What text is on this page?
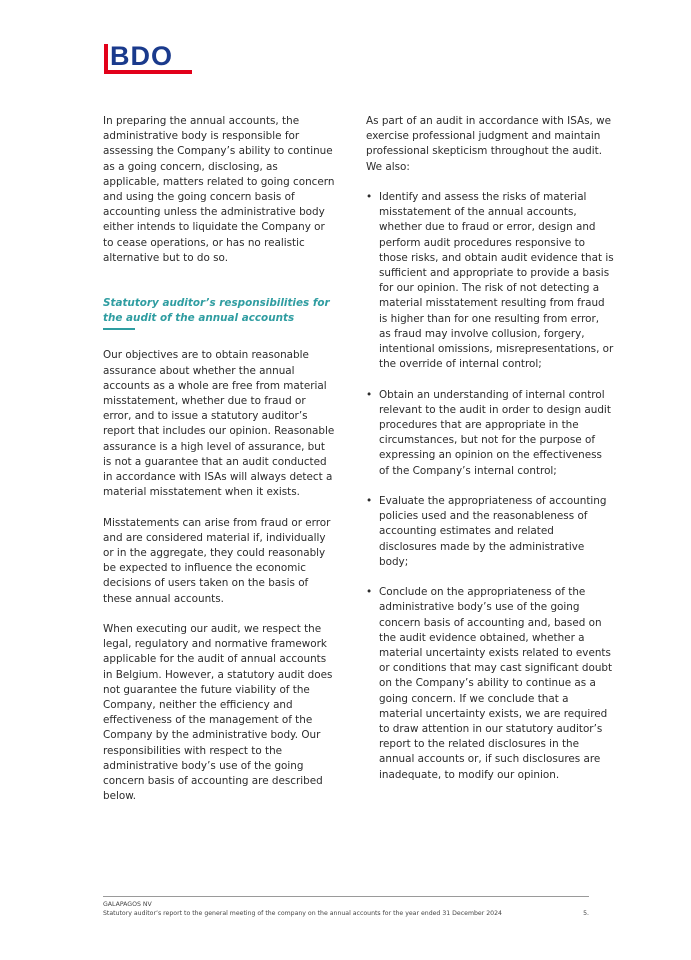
BDO

In preparing the annual accounts, the administrative body is responsible for assessing the Company’s ability to continue as a going concern, disclosing, as applicable, matters related to going concern and using the going concern basis of accounting unless the administrative body either intends to liquidate the Company or to cease operations, or has no realistic alternative but to do so.

Statutory auditor’s responsibilities for the audit of the annual accounts

Our objectives are to obtain reasonable assurance about whether the annual accounts as a whole are free from material misstatement, whether due to fraud or error, and to issue a statutory auditor’s report that includes our opinion. Reasonable assurance is a high level of assurance, but is not a guarantee that an audit conducted in accordance with ISAs will always detect a material misstatement when it exists.

Misstatements can arise from fraud or error and are considered material if, individually or in the aggregate, they could reasonably be expected to influence the economic decisions of users taken on the basis of these annual accounts.

When executing our audit, we respect the legal, regulatory and normative framework applicable for the audit of annual accounts in Belgium. However, a statutory audit does not guarantee the future viability of the Company, neither the efficiency and effectiveness of the management of the Company by the administrative body. Our responsibilities with respect to the administrative body’s use of the going concern basis of accounting are described below.

As part of an audit in accordance with ISAs, we exercise professional judgment and maintain professional skepticism throughout the audit. We also:

• Identify and assess the risks of material misstatement of the annual accounts, whether due to fraud or error, design and perform audit procedures responsive to those risks, and obtain audit evidence that is sufficient and appropriate to provide a basis for our opinion. The risk of not detecting a material misstatement resulting from fraud is higher than for one resulting from error, as fraud may involve collusion, forgery, intentional omissions, misrepresentations, or the override of internal control;
• Obtain an understanding of internal control relevant to the audit in order to design audit procedures that are appropriate in the circumstances, but not for the purpose of expressing an opinion on the effectiveness of the Company’s internal control;
• Evaluate the appropriateness of accounting policies used and the reasonableness of accounting estimates and related disclosures made by the administrative body;
• Conclude on the appropriateness of the administrative body’s use of the going concern basis of accounting and, based on the audit evidence obtained, whether a material uncertainty exists related to events or conditions that may cast significant doubt on the Company’s ability to continue as a going concern. If we conclude that a material uncertainty exists, we are required to draw attention in our statutory auditor’s report to the related disclosures in the annual accounts or, if such disclosures are inadequate, to modify our opinion.
GALAPAGOS NV
Statutory auditor’s report to the general meeting of the company on the annual accounts for the year ended 31 December 2024	5.
